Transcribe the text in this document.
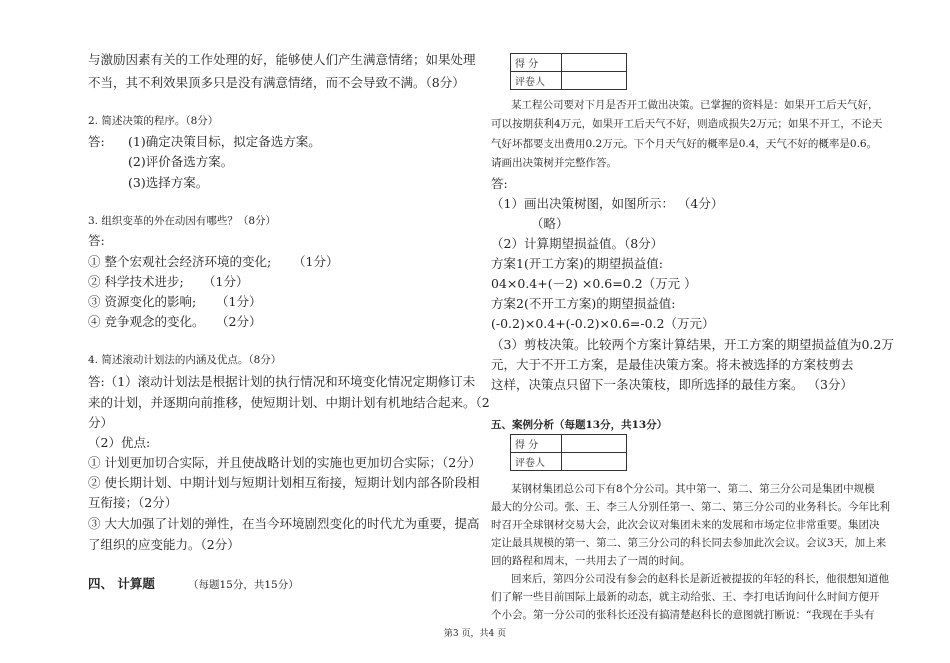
与激励因素有关的工作处理的好，能够使人们产生满意情绪；如果处理
不当，其不利效果顶多只是没有满意情绪，而不会导致不满。（8分）
2. 简述决策的程序。（8分）
答: (1)确定决策目标，拟定备选方案。
(2)评价备选方案。
(3)选择方案。
3. 组织变革的外在动因有哪些？（8分）
答:
① 整个宏观社会经济环境的变化; （1分）
② 科学技术进步; （1分）
③ 资源变化的影响; （1分）
④ 竞争观念的变化。 （2分）
4. 简述滚动计划法的内涵及优点。（8分）
答:（1）滚动计划法是根据计划的执行情况和环境变化情况定期修订未
来的计划，并逐期向前推移，使短期计划、中期计划有机地结合起来。（2
分）
（2）优点:
① 计划更加切合实际，并且使战略计划的实施也更加切合实际；（2分）
② 使长期计划、中期计划与短期计划相互衔接，短期计划内部各阶段相
互衔接；（2分）
③ 大大加强了计划的弹性，在当今环境剧烈变化的时代尤为重要，提高
了组织的应变能力。（2分）
四、 计算题	（每题15分，共15分）
得 分	
评卷人	
某工程公司要对下月是否开工做出决策。已掌握的资料是：如果开工后天气好，
可以按期获利4万元，如果开工后天气不好，则造成损失2万元；如果不开工，不论天
气好坏都要支出费用0.2万元。下个月天气好的概率是0.4，天气不好的概率是0.6。
请画出决策树并完整作答。
答:
（1）画出决策树图，如图所示： （4分）
（略）
（2）计算期望损益值。（8分）
方案1(开工方案)的期望损益值:
04×0.4+(－2) ×0.6=0.2（万元 ）
方案2(不开工方案)的期望损益值:
(-0.2)×0.4+(-0.2)×0.6=-0.2（万元）
（3）剪枝决策。比较两个方案计算结果，开工方案的期望损益值为0.2万
元，大于不开工方案，是最佳决策方案。将未被选择的方案枝剪去
这样，决策点只留下一条决策枝，即所选择的最佳方案。 （3分）
五、案例分析（每题13分，共13分）
得 分	
评卷人	
某钢材集团总公司下有8个分公司。其中第一、第二、第三分公司是集团中规模
最大的分公司。张、王、李三人分别任第一、第二、第三分公司的业务科长。今年比利
时召开全球钢材交易大会，此次会议对集团未来的发展和市场定位非常重要。集团决
定让最具规模的第一、第二、第三分公司的科长同去参加此次会议。会议3天，加上来
回的路程和周末，一共用去了一周的时间。
回来后，第四分公司没有参会的赵科长是新近被提拔的年轻的科长，他很想知道他
们了解一些目前国际上最新的动态，就主动给张、王、李打电话询问什么时间方便开
个小会。第一分公司的张科长还没有搞清楚赵科长的意图就打断说：“我现在手头有
第3 页，共4 页
